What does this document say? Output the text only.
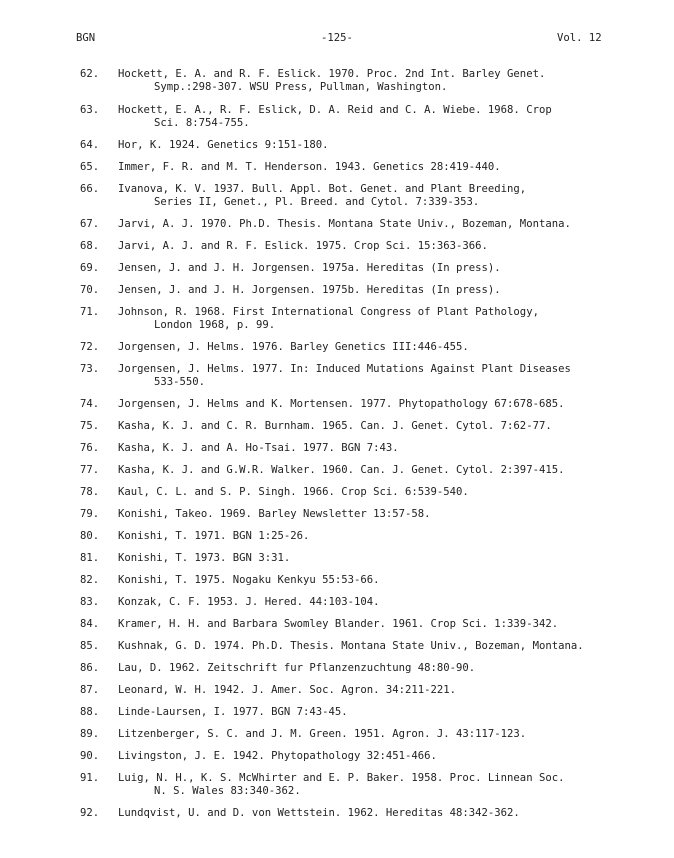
BGN	-125-	Vol. 12
62.	Hockett, E. A. and R. F. Eslick. 1970. Proc. 2nd Int. Barley Genet.
Symp.:298-307. WSU Press, Pullman, Washington.
63.	Hockett, E. A., R. F. Eslick, D. A. Reid and C. A. Wiebe. 1968. Crop
Sci. 8:754-755.
64.	Hor, K. 1924. Genetics 9:151-180.
65.	Immer, F. R. and M. T. Henderson. 1943. Genetics 28:419-440.
66.	Ivanova, K. V. 1937. Bull. Appl. Bot. Genet. and Plant Breeding,
Series II, Genet., Pl. Breed. and Cytol. 7:339-353.
67.	Jarvi, A. J. 1970. Ph.D. Thesis. Montana State Univ., Bozeman, Montana.
68.	Jarvi, A. J. and R. F. Eslick. 1975. Crop Sci. 15:363-366.
69.	Jensen, J. and J. H. Jorgensen. 1975a. Hereditas (In press).
70.	Jensen, J. and J. H. Jorgensen. 1975b. Hereditas (In press).
71.	Johnson, R. 1968. First International Congress of Plant Pathology,
London 1968, p. 99.
72.	Jorgensen, J. Helms. 1976. Barley Genetics III:446-455.
73.	Jorgensen, J. Helms. 1977. In: Induced Mutations Against Plant Diseases
533-550.
74.	Jorgensen, J. Helms and K. Mortensen. 1977. Phytopathology 67:678-685.
75.	Kasha, K. J. and C. R. Burnham. 1965. Can. J. Genet. Cytol. 7:62-77.
76.	Kasha, K. J. and A. Ho-Tsai. 1977. BGN 7:43.
77.	Kasha, K. J. and G.W.R. Walker. 1960. Can. J. Genet. Cytol. 2:397-415.
78.	Kaul, C. L. and S. P. Singh. 1966. Crop Sci. 6:539-540.
79.	Konishi, Takeo. 1969. Barley Newsletter 13:57-58.
80.	Konishi, T. 1971. BGN 1:25-26.
81.	Konishi, T. 1973. BGN 3:31.
82.	Konishi, T. 1975. Nogaku Kenkyu 55:53-66.
83.	Konzak, C. F. 1953. J. Hered. 44:103-104.
84.	Kramer, H. H. and Barbara Swomley Blander. 1961. Crop Sci. 1:339-342.
85.	Kushnak, G. D. 1974. Ph.D. Thesis. Montana State Univ., Bozeman, Montana.
86.	Lau, D. 1962. Zeitschrift fur Pflanzenzuchtung 48:80-90.
87.	Leonard, W. H. 1942. J. Amer. Soc. Agron. 34:211-221.
88.	Linde-Laursen, I. 1977. BGN 7:43-45.
89.	Litzenberger, S. C. and J. M. Green. 1951. Agron. J. 43:117-123.
90.	Livingston, J. E. 1942. Phytopathology 32:451-466.
91.	Luig, N. H., K. S. McWhirter and E. P. Baker. 1958. Proc. Linnean Soc.
N. S. Wales 83:340-362.
92.	Lundqvist, U. and D. von Wettstein. 1962. Hereditas 48:342-362.
